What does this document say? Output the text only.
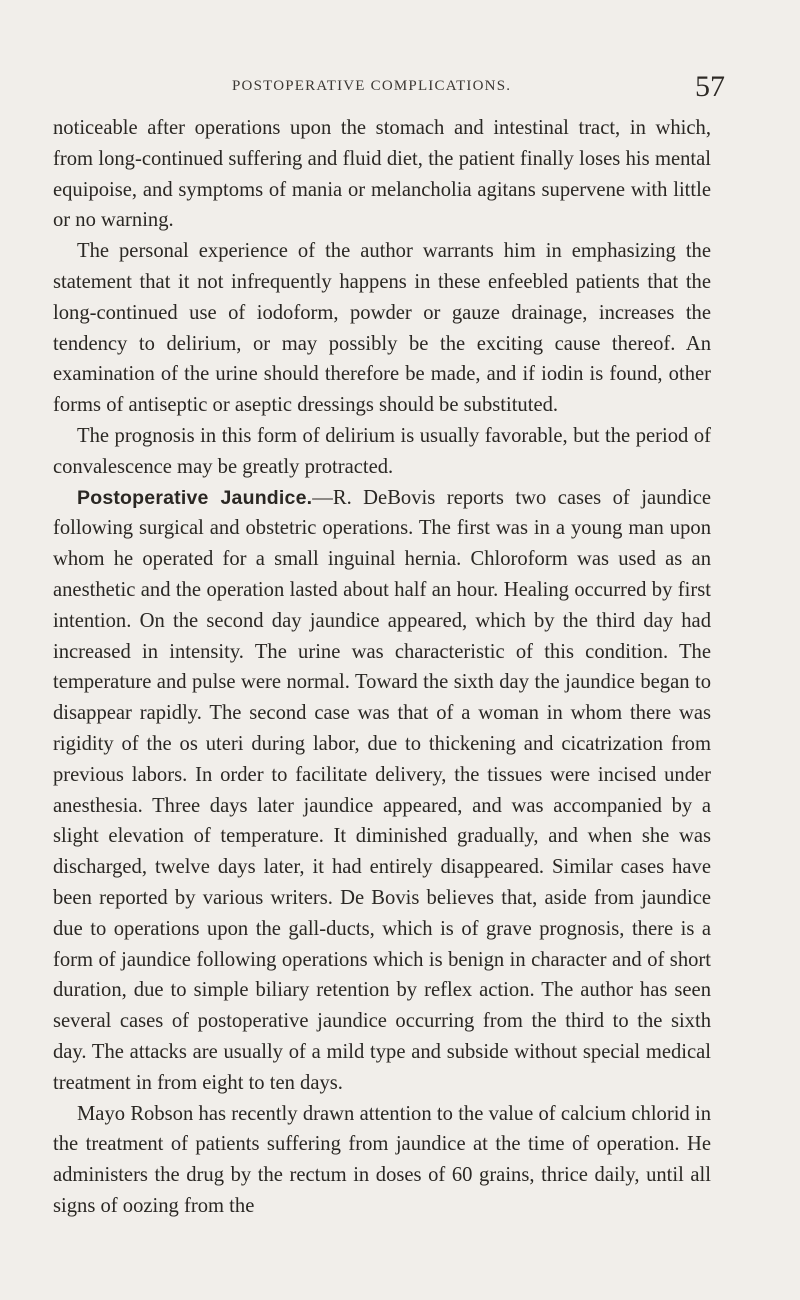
POSTOPERATIVE COMPLICATIONS.	57

noticeable after operations upon the stomach and intestinal tract, in which, from long-continued suffering and fluid diet, the patient finally loses his mental equipoise, and symptoms of mania or melancholia agitans supervene with little or no warning.

The personal experience of the author warrants him in emphasizing the statement that it not infrequently happens in these enfeebled patients that the long-continued use of iodoform, powder or gauze drainage, increases the tendency to delirium, or may possibly be the exciting cause thereof. An examination of the urine should therefore be made, and if iodin is found, other forms of antiseptic or aseptic dressings should be substituted.

The prognosis in this form of delirium is usually favorable, but the period of convalescence may be greatly protracted.

Postoperative Jaundice.—R. DeBovis reports two cases of jaundice following surgical and obstetric operations. The first was in a young man upon whom he operated for a small inguinal hernia. Chloroform was used as an anesthetic and the operation lasted about half an hour. Healing occurred by first intention. On the second day jaundice appeared, which by the third day had increased in intensity. The urine was characteristic of this condition. The temperature and pulse were normal. Toward the sixth day the jaundice began to disappear rapidly. The second case was that of a woman in whom there was rigidity of the os uteri during labor, due to thickening and cicatrization from previous labors. In order to facilitate delivery, the tissues were incised under anesthesia. Three days later jaundice appeared, and was accompanied by a slight elevation of temperature. It diminished gradually, and when she was discharged, twelve days later, it had entirely disappeared. Similar cases have been reported by various writers. De Bovis believes that, aside from jaundice due to operations upon the gall-ducts, which is of grave prognosis, there is a form of jaundice following operations which is benign in character and of short duration, due to simple biliary retention by reflex action. The author has seen several cases of postoperative jaundice occurring from the third to the sixth day. The attacks are usually of a mild type and subside without special medical treatment in from eight to ten days.

Mayo Robson has recently drawn attention to the value of calcium chlorid in the treatment of patients suffering from jaundice at the time of operation. He administers the drug by the rectum in doses of 60 grains, thrice daily, until all signs of oozing from the
